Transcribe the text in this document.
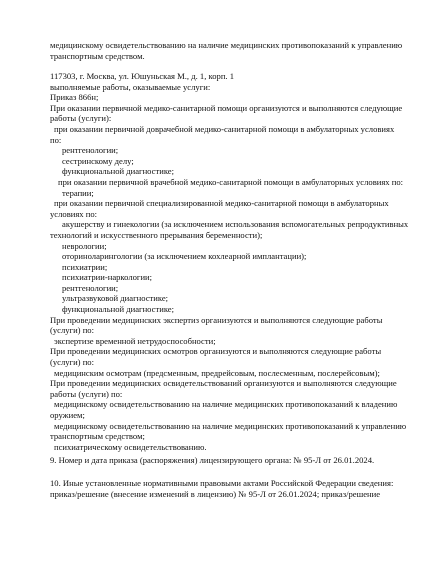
медицинскому освидетельствованию на наличие медицинских противопоказаний к управлению
транспортным средством.
117303, г. Москва, ул. Юшуньская М., д. 1, корп. 1
выполняемые работы, оказываемые услуги:
Приказ 866н;
При оказании первичной медико-санитарной помощи организуются и выполняются следующие
работы (услуги):
при оказании первичной доврачебной медико-санитарной помощи в амбулаторных условиях
по:
рентгенологии;
сестринскому делу;
функциональной диагностике;
при оказании первичной врачебной медико-санитарной помощи в амбулаторных условиях по:
терапии;
при оказании первичной специализированной медико-санитарной помощи в амбулаторных
условиях по:
акушерству и гинекологии (за исключением использования вспомогательных репродуктивных
технологий и искусственного прерывания беременности);
неврологии;
оториноларингологии (за исключением кохлеарной имплантации);
психиатрии;
психиатрии-наркологии;
рентгенологии;
ультразвуковой диагностике;
функциональной диагностике;
При проведении медицинских экспертиз организуются и выполняются следующие работы
(услуги) по:
экспертизе временной нетрудоспособности;
При проведении медицинских осмотров организуются и выполняются следующие работы
(услуги) по:
медицинским осмотрам (предсменным, предрейсовым, послесменным, послерейсовым);
При проведении медицинских освидетельствований организуются и выполняются следующие
работы (услуги) по:
медицинскому освидетельствованию на наличие медицинских противопоказаний к владению
оружием;
медицинскому освидетельствованию на наличие медицинских противопоказаний к управлению
транспортным средством;
психиатрическому освидетельствованию.
9. Номер и дата приказа (распоряжения) лицензирующего органа: № 95-Л от 26.01.2024.
10. Иные установленные нормативными правовыми актами Российской Федерации сведения:
приказ/решение (внесение изменений в лицензию) № 95-Л от 26.01.2024; приказ/решение
